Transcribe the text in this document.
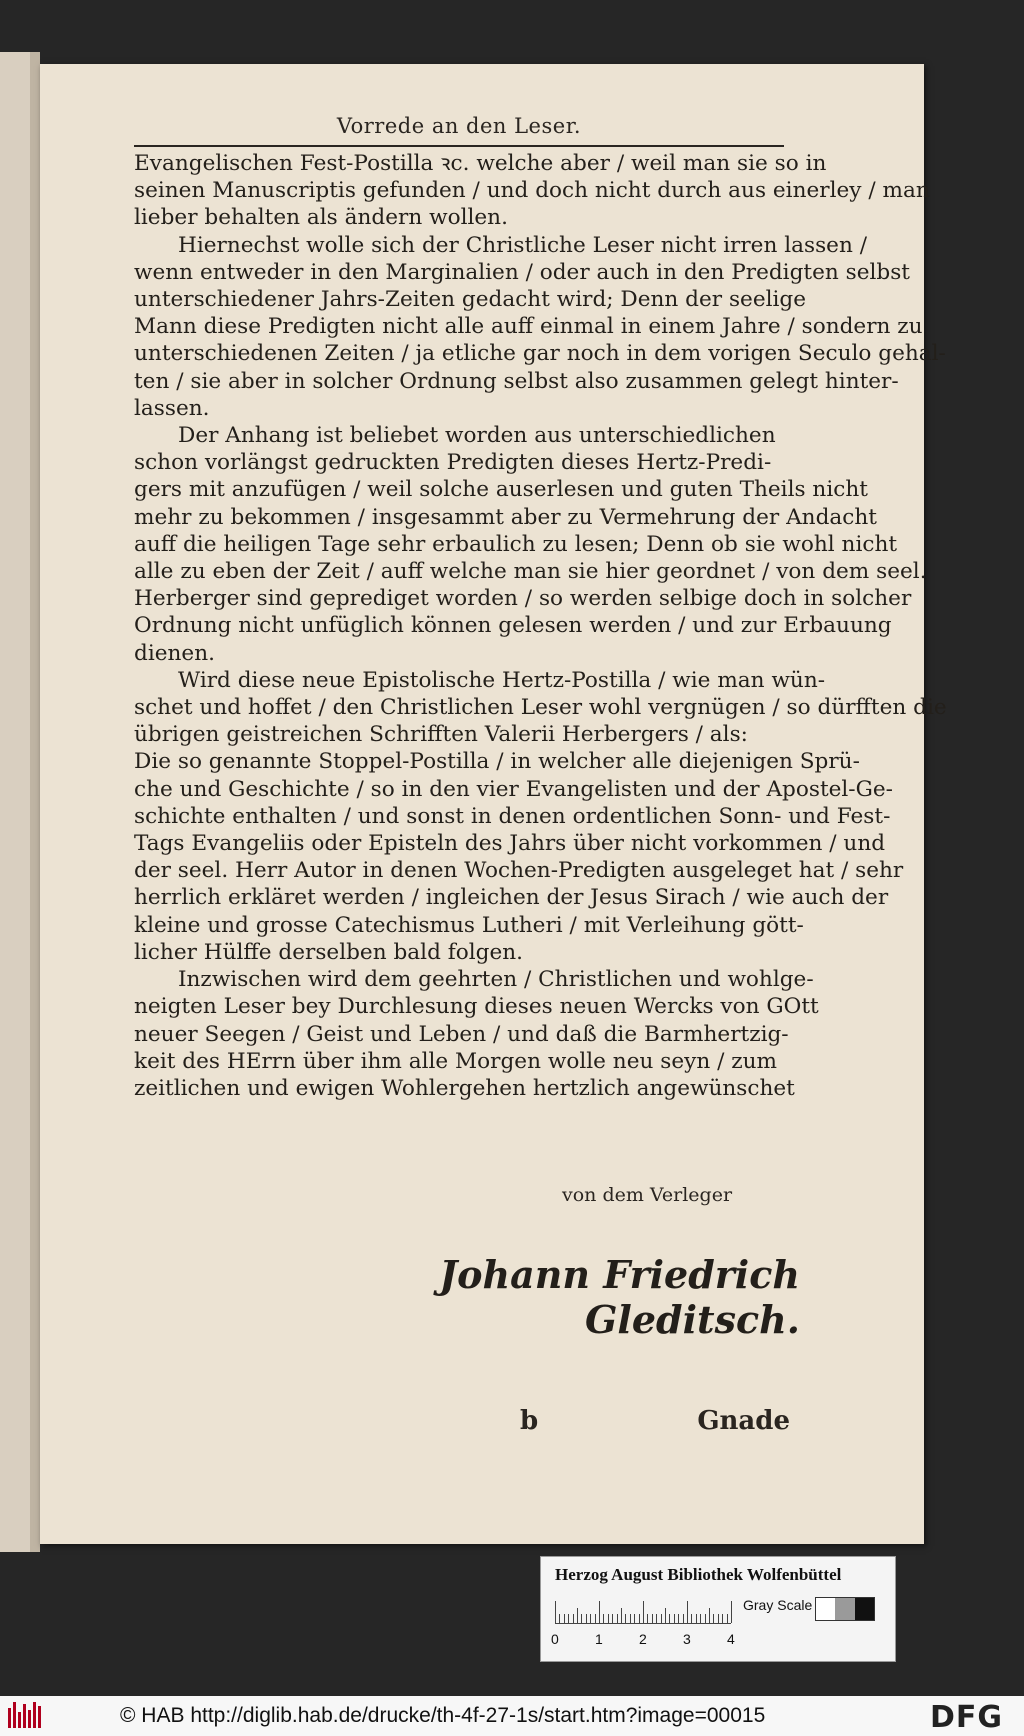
Vorrede an den Leser.
Evangelischen Fest-Postilla ꝛc. welche aber / weil man sie so in
seinen Manuscriptis gefunden / und doch nicht durch aus einerley / man
lieber behalten als ändern wollen.
Hiernechst wolle sich der Christliche Leser nicht irren lassen /
wenn entweder in den Marginalien / oder auch in den Predigten selbst
unterschiedener Jahrs-Zeiten gedacht wird; Denn der seelige
Mann diese Predigten nicht alle auff einmal in einem Jahre / sondern zu
unterschiedenen Zeiten / ja etliche gar noch in dem vorigen Seculo gehal-
ten / sie aber in solcher Ordnung selbst also zusammen gelegt hinter-
lassen.
Der Anhang ist beliebet worden aus unterschiedlichen
schon vorlängst gedruckten Predigten dieses Hertz-Predi-
gers mit anzufügen / weil solche auserlesen und guten Theils nicht
mehr zu bekommen / insgesammt aber zu Vermehrung der Andacht
auff die heiligen Tage sehr erbaulich zu lesen; Denn ob sie wohl nicht
alle zu eben der Zeit / auff welche man sie hier geordnet / von dem seel.
Herberger sind geprediget worden / so werden selbige doch in solcher
Ordnung nicht unfüglich können gelesen werden / und zur Erbauung
dienen.
Wird diese neue Epistolische Hertz-Postilla / wie man wün-
schet und hoffet / den Christlichen Leser wohl vergnügen / so dürfften die
übrigen geistreichen Schrifften Valerii Herbergers / als:
Die so genannte Stoppel-Postilla / in welcher alle diejenigen Sprü-
che und Geschichte / so in den vier Evangelisten und der Apostel-Ge-
schichte enthalten / und sonst in denen ordentlichen Sonn- und Fest-
Tags Evangeliis oder Episteln des Jahrs über nicht vorkommen / und
der seel. Herr Autor in denen Wochen-Predigten ausgeleget hat / sehr
herrlich erkläret werden / ingleichen der Jesus Sirach / wie auch der
kleine und grosse Catechismus Lutheri / mit Verleihung gött-
licher Hülffe derselben bald folgen.
Inzwischen wird dem geehrten / Christlichen und wohlge-
neigten Leser bey Durchlesung dieses neuen Wercks von GOtt
neuer Seegen / Geist und Leben / und daß die Barmhertzig-
keit des HErrn über ihm alle Morgen wolle neu seyn / zum
zeitlichen und ewigen Wohlergehen hertzlich angewünschet
von dem Verleger
Johann Friedrich Gleditsch.
b	Gnade
Herzog August Bibliothek Wolfenbüttel
0	1	2	3	4
Gray Scale
© HAB http://diglib.hab.de/drucke/th-4f-27-1s/start.htm?image=00015	DFG
